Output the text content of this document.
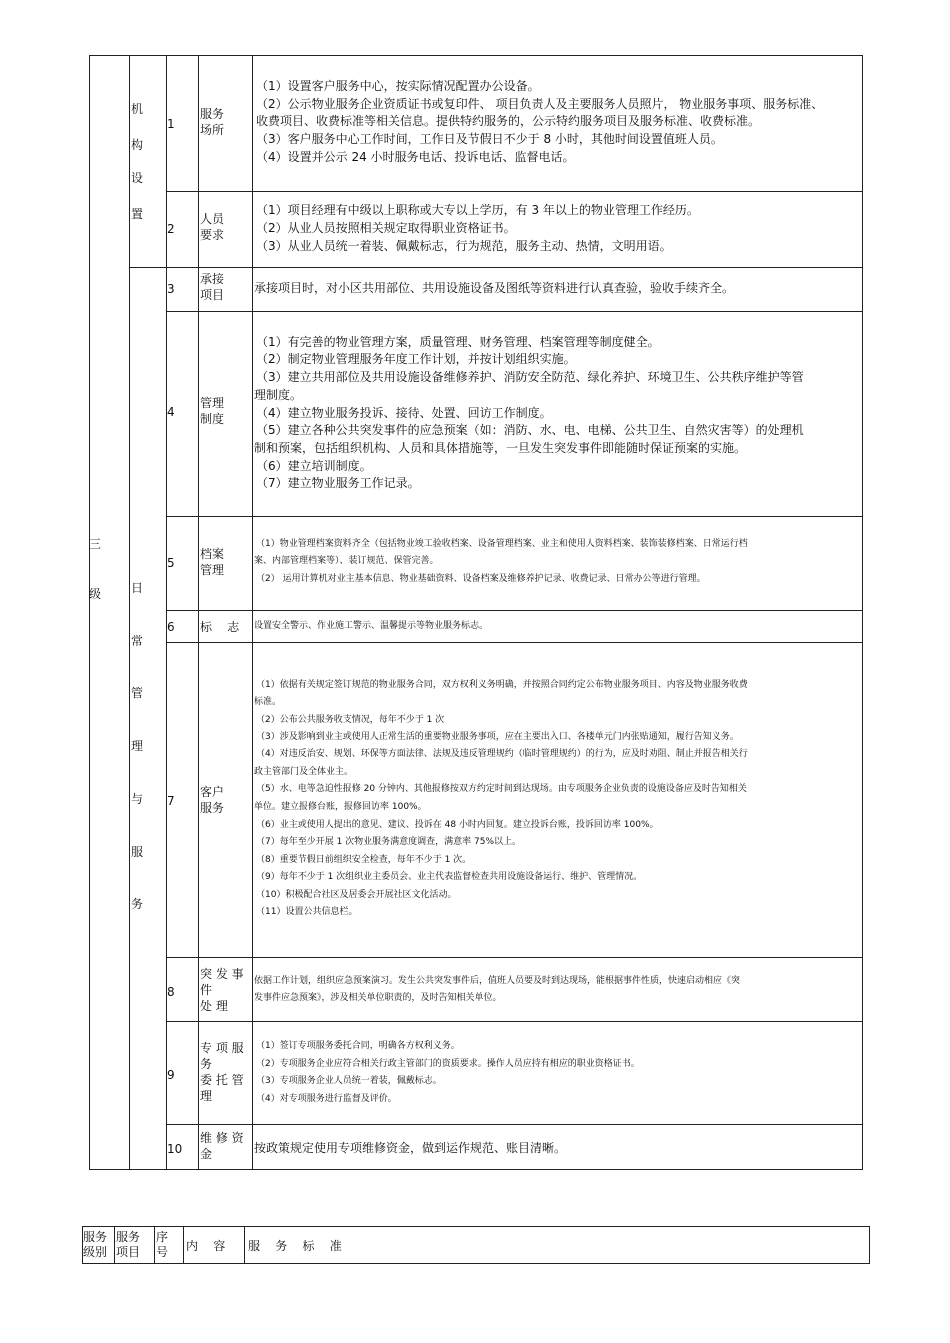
三
级
机
构
设
置
日
常
管
理
与
服
务
1
服务
场所
（1）设置客户服务中心，按实际情况配置办公设备。
（2）公示物业服务企业资质证书或复印件、 项目负责人及主要服务人员照片， 物业服务事项、服务标准、
收费项目、收费标准等相关信息。提供特约服务的，公示特约服务项目及服务标准、收费标准。
（3）客户服务中心工作时间，工作日及节假日不少于 8 小时，其他时间设置值班人员。
（4）设置并公示 24 小时服务电话、投诉电话、监督电话。
2
人员
要求
（1）项目经理有中级以上职称或大专以上学历，有 3 年以上的物业管理工作经历。
（2）从业人员按照相关规定取得职业资格证书。
（3）从业人员统一着装、佩戴标志，行为规范，服务主动、热情，文明用语。
3
承接
项目 承接项目时，对小区共用部位、共用设施设备及图纸等资料进行认真查验，验收手续齐全。
4
管理
制度
（1）有完善的物业管理方案，质量管理、财务管理、档案管理等制度健全。
（2）制定物业管理服务年度工作计划，并按计划组织实施。
（3）建立共用部位及共用设施设备维修养护、消防安全防范、绿化养护、环境卫生、公共秩序维护等管
理制度。
（4）建立物业服务投诉、接待、处置、回访工作制度。
（5）建立各种公共突发事件的应急预案（如：消防、水、电、电梯、公共卫生、自然灾害等）的处理机
制和预案，包括组织机构、人员和具体措施等，一旦发生突发事件即能随时保证预案的实施。
（6）建立培训制度。
（7）建立物业服务工作记录。
5
档案
管理
（1）物业管理档案资料齐全（包括物业竣工验收档案、设备管理档案、业主和使用人资料档案、装饰装修档案、日常运行档
案、内部管理档案等）、装订规范、保管完善。
（2） 运用计算机对业主基本信息、物业基础资料、设备档案及维修养护记录、收费记录、日常办公等进行管理。
6 标    志 设置安全警示、作业施工警示、温馨提示等物业服务标志。
7
客户
服务
（1）依据有关规定签订规范的物业服务合同，双方权利义务明确，并按照合同约定公布物业服务项目、内容及物业服务收费
标准。
（2）公布公共服务收支情况，每年不少于 1 次
（3）涉及影响到业主或使用人正常生活的重要物业服务事项，应在主要出入口、各楼单元门内张贴通知，履行告知义务。
（4）对违反治安、规划、环保等方面法律、法规及违反管理规约（临时管理规约）的行为，应及时劝阻、制止并报告相关行
政主管部门及全体业主。
（5）水、电等急迫性报修 20 分钟内、其他报修按双方约定时间到达现场。由专项服务企业负责的设施设备应及时告知相关
单位。建立报修台账，报修回访率 100%。
（6）业主或使用人提出的意见、建议、投诉在 48 小时内回复。建立投诉台账，投诉回访率 100%。
（7）每年至少开展 1 次物业服务满意度调查，满意率 75%以上。
（8）重要节假日前组织安全检查，每年不少于 1 次。
（9）每年不少于 1 次组织业主委员会、业主代表监督检查共用设施设备运行、维护、管理情况。
（10）积极配合社区及居委会开展社区文化活动。
（11）设置公共信息栏。
8
突 发 事
件
处 理
依据工作计划，组织应急预案演习。发生公共突发事件后，值班人员要及时到达现场，能根据事件性质，快速启动相应《突
发事件应急预案》，涉及相关单位职责的，及时告知相关单位。
9
专 项 服
务
委 托 管
理
（1）签订专项服务委托合同，明确各方权利义务。
（2）专项服务企业应符合相关行政主管部门的资质要求。操作人员应持有相应的职业资格证书。
（3）专项服务企业人员统一着装，佩戴标志。
（4）对专项服务进行监督及评价。
10
维 修 资
金	按政策规定使用专项维修资金，做到运作规范、账目清晰。
服务
级别
服务
项目
序
号 内    容 服    务    标    准
